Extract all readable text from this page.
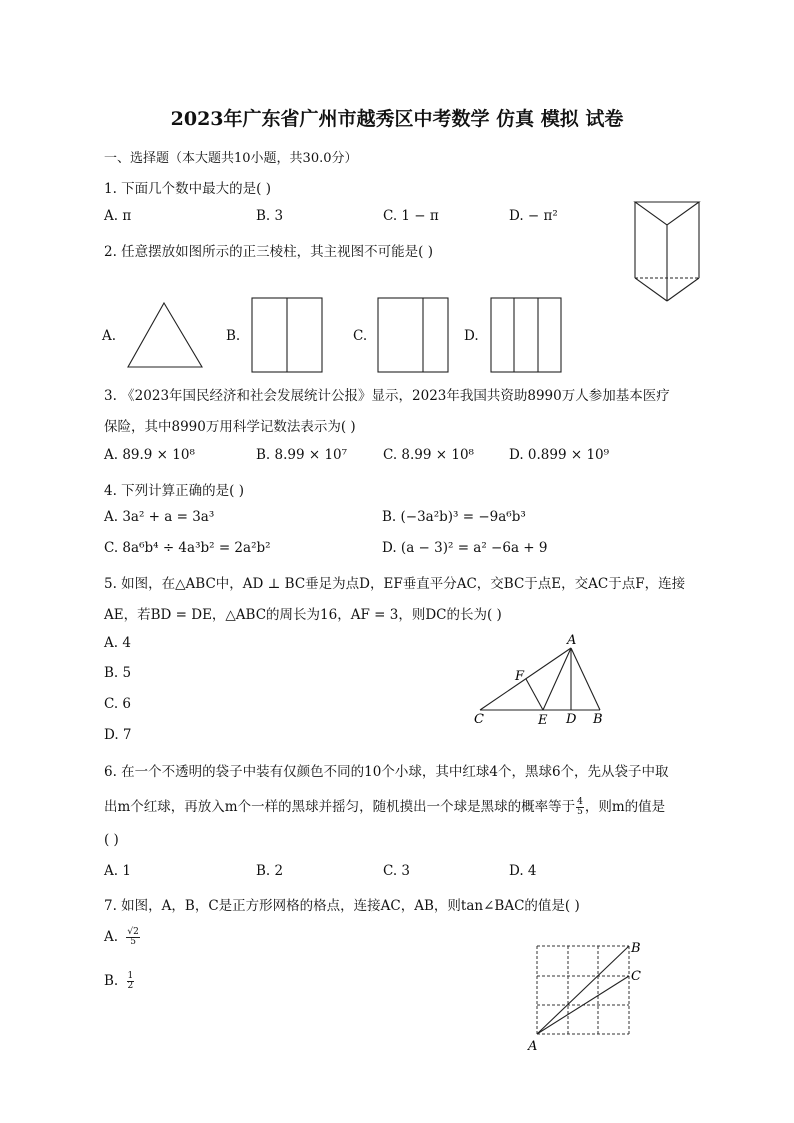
2023年广东省广州市越秀区中考数学 仿真 模拟 试卷
一、选择题（本大题共10小题，共30.0分）
1. 下面几个数中最大的是( )
A. π	B. 3	C. 1 − π	D. − π²
2. 任意摆放如图所示的正三棱柱，其主视图不可能是( )
A.	B.	C.	D.
3. 《2023年国民经济和社会发展统计公报》显示，2023年我国共资助8990万人参加基本医疗
保险，其中8990万用科学记数法表示为( )
A. 89.9 × 10⁸	B. 8.99 × 10⁷	C. 8.99 × 10⁸	D. 0.899 × 10⁹
4. 下列计算正确的是( )
A. 3a² + a = 3a³	B. (−3a²b)³ = −9a⁶b³
C. 8a⁶b⁴ ÷ 4a³b² = 2a²b²	D. (a − 3)² = a² −6a + 9
5. 如图，在△ABC中，AD ⊥ BC垂足为点D，EF垂直平分AC，交BC于点E，交AC于点F，连接
AE，若BD = DE，△ABC的周长为16，AF = 3，则DC的长为( )
A. 4
B. 5
C. 6
D. 7
A
F
C	E D B
6. 在一个不透明的袋子中装有仅颜色不同的10个小球，其中红球4个，黑球6个，先从袋子中取
出m个红球，再放入m个一样的黑球并摇匀，随机摸出一个球是黑球的概率等于 $\frac{4}{5}$ ，则m的值是
( )
A. 1	B. 2	C. 3	D. 4
7. 如图，A，B，C是正方形网格的格点，连接AC，AB，则tan∠BAC的值是( )
A. $\frac{√2}{5}$
B. $\frac{1}{2}$
B
C
A
